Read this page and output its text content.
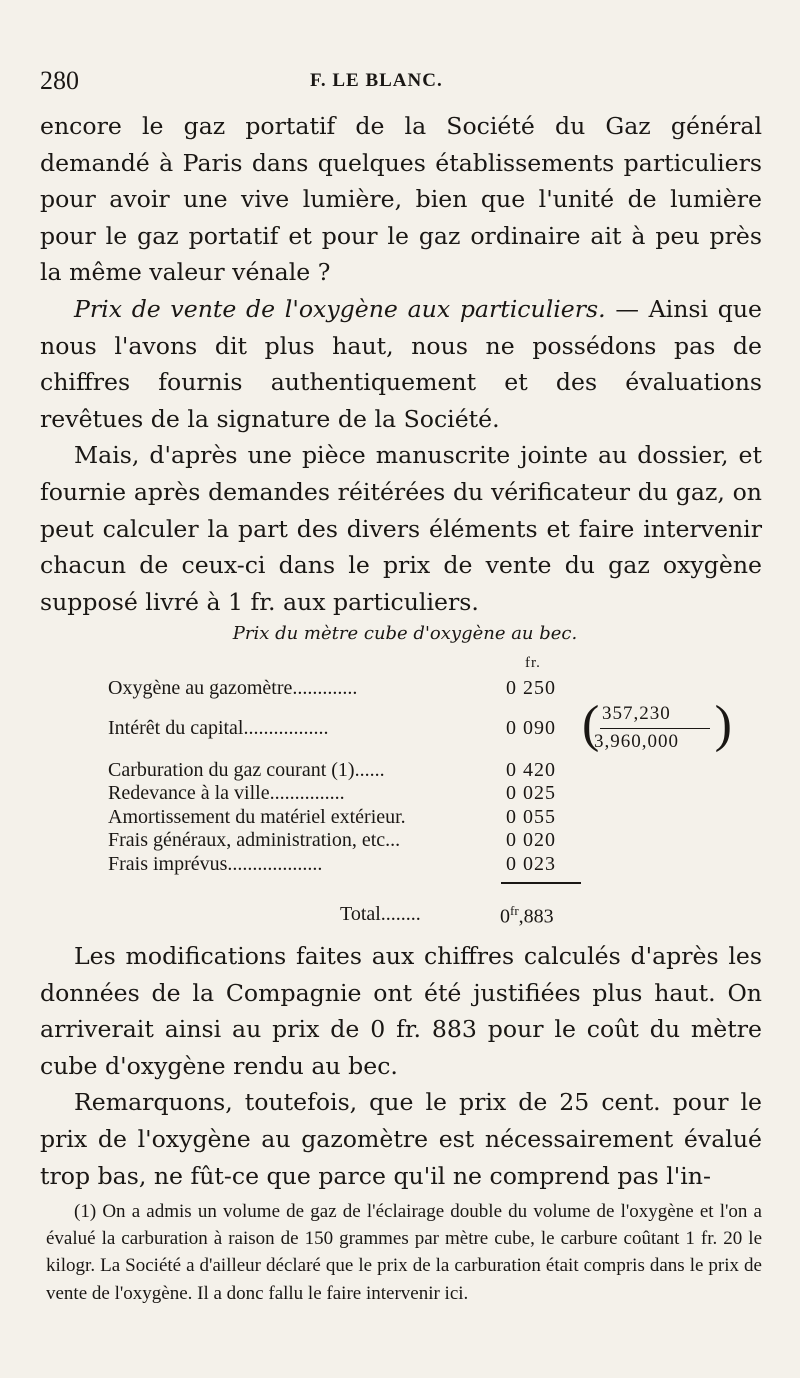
280	F. LE BLANC.

encore le gaz portatif de la Société du Gaz général demandé à Paris dans quelques établissements particuliers pour avoir une vive lumière, bien que l'unité de lumière pour le gaz portatif et pour le gaz ordinaire ait à peu près la même valeur vénale ?

Prix de vente de l'oxygène aux particuliers. — Ainsi que nous l'avons dit plus haut, nous ne possédons pas de chiffres fournis authentiquement et des évaluations revêtues de la signature de la Société.

Mais, d'après une pièce manuscrite jointe au dossier, et fournie après demandes réitérées du vérificateur du gaz, on peut calculer la part des divers éléments et faire intervenir chacun de ceux-ci dans le prix de vente du gaz oxygène supposé livré à 1 fr. aux particuliers.

Prix du mètre cube d'oxygène au bec.
fr.
Oxygène au gazomètre.............	0 250
Intérêt du capital.................	0 090 ( 357,230
3,960,000 )
Carburation du gaz courant (1)......	0 420
Redevance à la ville...............	0 025
Amortissement du matériel extérieur.	0 055
Frais généraux, administration, etc...	0 020
Frais imprévus...................	0 023
Total........	$0^{fr},883$

Les modifications faites aux chiffres calculés d'après les données de la Compagnie ont été justifiées plus haut. On arriverait ainsi au prix de 0 fr. 883 pour le coût du mètre cube d'oxygène rendu au bec.

Remarquons, toutefois, que le prix de 25 cent. pour le prix de l'oxygène au gazomètre est nécessairement évalué trop bas, ne fût-ce que parce qu'il ne comprend pas l'in-

(1) On a admis un volume de gaz de l'éclairage double du volume de l'oxygène et l'on a évalué la carburation à raison de 150 grammes par mètre cube, le carbure coûtant 1 fr. 20 le kilogr. La Société a d'ailleur déclaré que le prix de la carburation était compris dans le prix de vente de l'oxygène. Il a donc fallu le faire intervenir ici.
